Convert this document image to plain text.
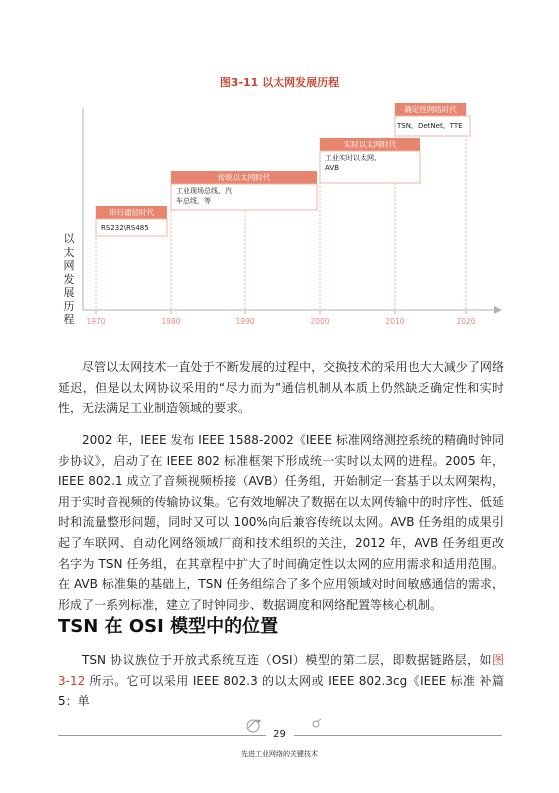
图3-11 以太网发展历程
以
太
网
发
展
历
程
串行通信时代
RS232\RS485
传统以太网时代
工业现场总线、汽
车总线，等
实时以太网时代
工业实时以太网、
AVB
确定性网络时代
TSN、DetNet、TTE
1970	1980	1990	2000	2010	2020
尽管以太网技术一直处于不断发展的过程中，交换技术的采用也大大减少了网络延迟，但是以太网协议采用的“尽力而为”通信机制从本质上仍然缺乏确定性和实时性，无法满足工业制造领域的要求。
2002 年，IEEE 发布 IEEE 1588-2002《IEEE 标准网络测控系统的精确时钟同步协议》，启动了在 IEEE 802 标准框架下形成统一实时以太网的进程。2005 年，IEEE 802.1 成立了音频视频桥接（AVB）任务组，开始制定一套基于以太网架构，用于实时音视频的传输协议集。它有效地解决了数据在以太网传输中的时序性、低延时和流量整形问题，同时又可以 100%向后兼容传统以太网。AVB 任务组的成果引起了车联网、自动化网络领域厂商和技术组织的关注，2012 年，AVB 任务组更改名字为 TSN 任务组，在其章程中扩大了时间确定性以太网的应用需求和适用范围。在 AVB 标准集的基础上，TSN 任务组综合了多个应用领域对时间敏感通信的需求，形成了一系列标准，建立了时钟同步、数据调度和网络配置等核心机制。
TSN 在 OSI 模型中的位置
TSN 协议族位于开放式系统互连（OSI）模型的第二层，即数据链路层，如图 3-12 所示。它可以采用 IEEE 802.3 的以太网或 IEEE 802.3cg《IEEE 标准 补篇 5：单
29
先进工业网络的关键技术
